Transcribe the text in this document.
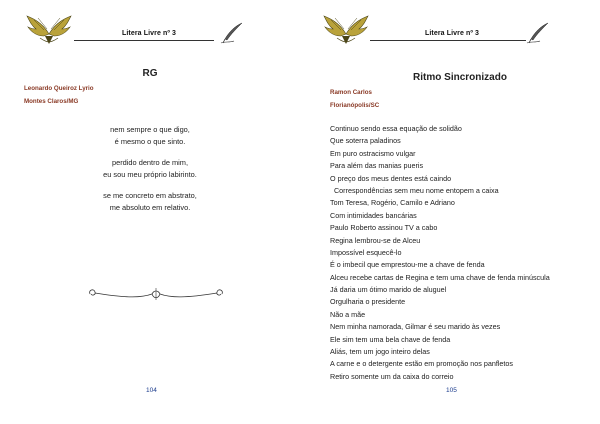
Litera Livre nº 3
RG
Leonardo Queiroz Lyrio
Montes Claros/MG
nem sempre o que digo,
é mesmo o que sinto.
perdido dentro de mim,
eu sou meu próprio labirinto.
se me concreto em abstrato,
me absoluto em relativo.
104
Litera Livre nº 3
Ritmo Sincronizado
Ramon Carlos
Florianópolis/SC
Continuo sendo essa equação de solidão
Que soterra paladinos
Em puro ostracismo vulgar
Para além das manias pueris
O preço dos meus dentes está caindo
Correspondências sem meu nome entopem a caixa
Tom Teresa, Rogério, Camilo e Adriano
Com intimidades bancárias
Paulo Roberto assinou TV a cabo
Regina lembrou-se de Alceu
Impossível esquecê-lo
É o imbecil que emprestou-me a chave de fenda
Alceu recebe cartas de Regina e tem uma chave de fenda minúscula
Já daria um ótimo marido de aluguel
Orgulharia o presidente
Não a mãe
Nem minha namorada, Gilmar é seu marido às vezes
Ele sim tem uma bela chave de fenda
Aliás, tem um jogo inteiro delas
A carne e o detergente estão em promoção nos panfletos
Retiro somente um da caixa do correio
105
